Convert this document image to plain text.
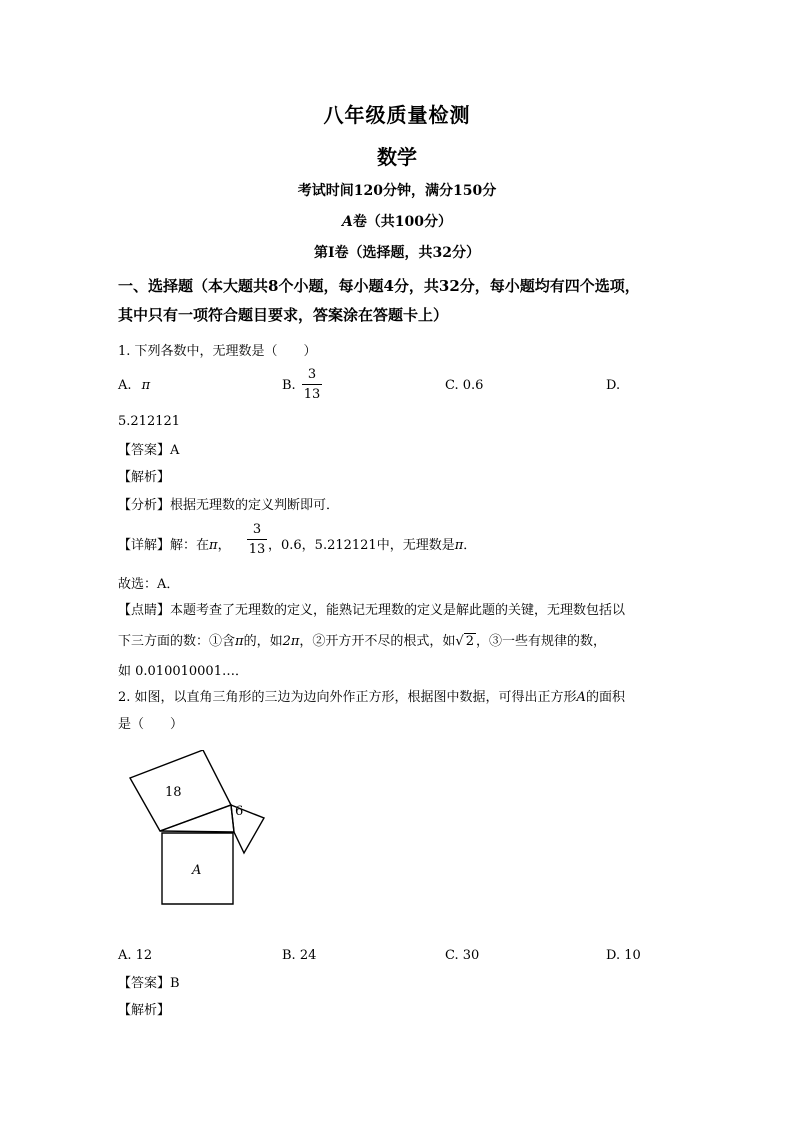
八年级质量检测
数学
考试时间120分钟，满分150分
A卷（共100分）
第Ⅰ卷（选择题，共32分）
一、选择题（本大题共8个小题，每小题4分，共32分，每小题均有四个选项，
其中只有一项符合题目要求，答案涂在答题卡上）
1. 下列各数中，无理数是（　　）
A. π	B.
3
13
C. 0.6	D.
5.212121
【答案】A
【解析】
【分析】根据无理数的定义判断即可．
【详解】解：在π，
3
13 ，0.6，5.212121中，无理数是π．
故选：A．
【点睛】本题考查了无理数的定义，能熟记无理数的定义是解此题的关键，无理数包括以
下三方面的数：①含π的，如2π，②开方开不尽的根式，如√ 2 ，③一些有规律的数，
如 0.010010001…．
2. 如图，以直角三角形的三边为边向外作正方形，根据图中数据，可得出正方形A的面积
是（　　）
18
6
A
A. 12	B. 24	C. 30	D. 10
【答案】B
【解析】
